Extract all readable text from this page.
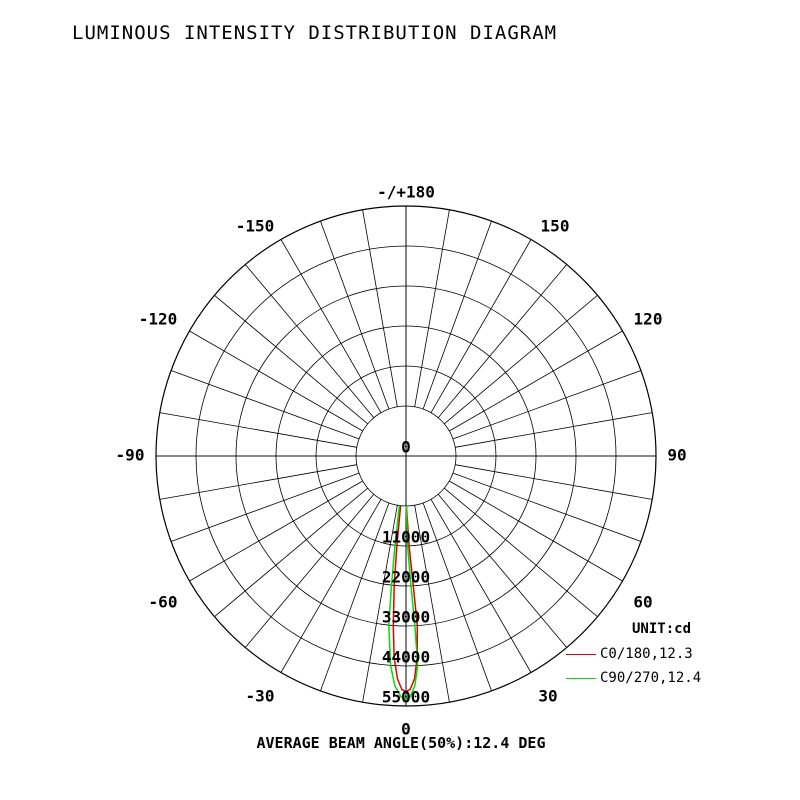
LUMINOUS INTENSITY DISTRIBUTION DIAGRAM
0
30
60
90
120
150
-/+180
-150
-120
-90
-60
-30
0
11000
22000
33000
44000
55000
UNIT:cd
C0/180,12.3
C90/270,12.4
AVERAGE BEAM ANGLE(50%):12.4 DEG
